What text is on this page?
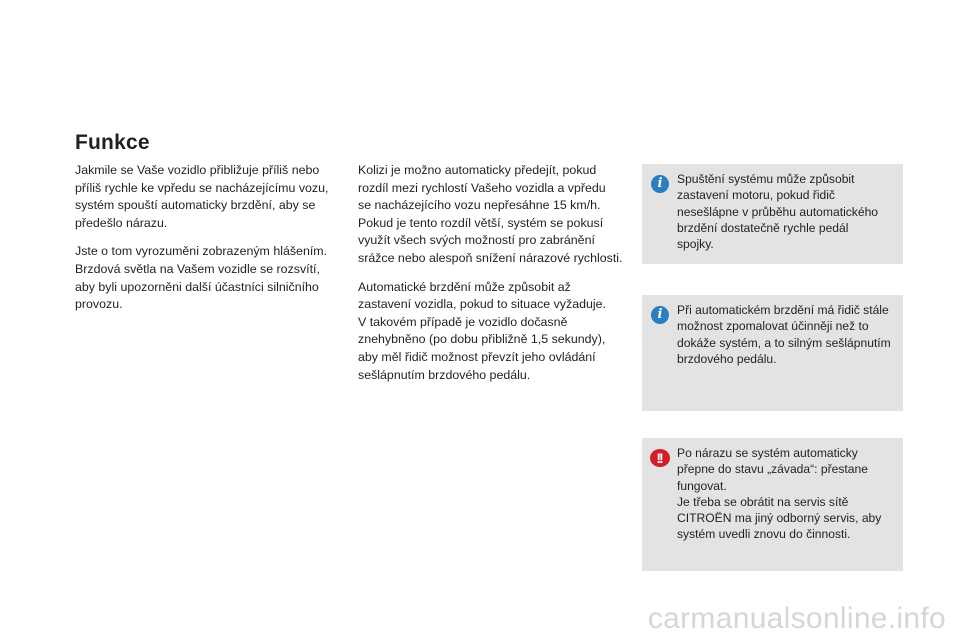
Funkce

Jakmile se Vaše vozidlo přibližuje příliš nebo
příliš rychle ke vpředu se nacházejícímu vozu,
systém spouští automaticky brzdění, aby se
předešlo nárazu.

Jste o tom vyrozuměni zobrazeným hlášením.
Brzdová světla na Vašem vozidle se rozsvítí,
aby byli upozorněni další účastníci silničního
provozu.

Kolizi je možno automaticky předejít, pokud
rozdíl mezi rychlostí Vašeho vozidla a vpředu
se nacházejícího vozu nepřesáhne 15 km/h.
Pokud je tento rozdíl větší, systém se pokusí
využít všech svých možností pro zabránění
srážce nebo alespoň snížení nárazové rychlosti.

Automatické brzdění může způsobit až
zastavení vozidla, pokud to situace vyžaduje.
V takovém případě je vozidlo dočasně
znehybněno (po dobu přibližně 1,5 sekundy),
aby měl řidič možnost převzít jeho ovládání
sešlápnutím brzdového pedálu.

i	Spuštění systému může způsobit
zastavení motoru, pokud řidič
nesešlápne v průběhu automatického
brzdění dostatečně rychle pedál
spojky.
i	Při automatickém brzdění má řidič stále
možnost zpomalovat účinněji než to
dokáže systém, a to silným sešlápnutím
brzdového pedálu.
!!	Po nárazu se systém automaticky
přepne do stavu „závada“: přestane
fungovat.
Je třeba se obrátit na servis sítě
CITROËN ma jiný odborný servis, aby
systém uvedli znovu do činnosti.
carmanualsonline.info
